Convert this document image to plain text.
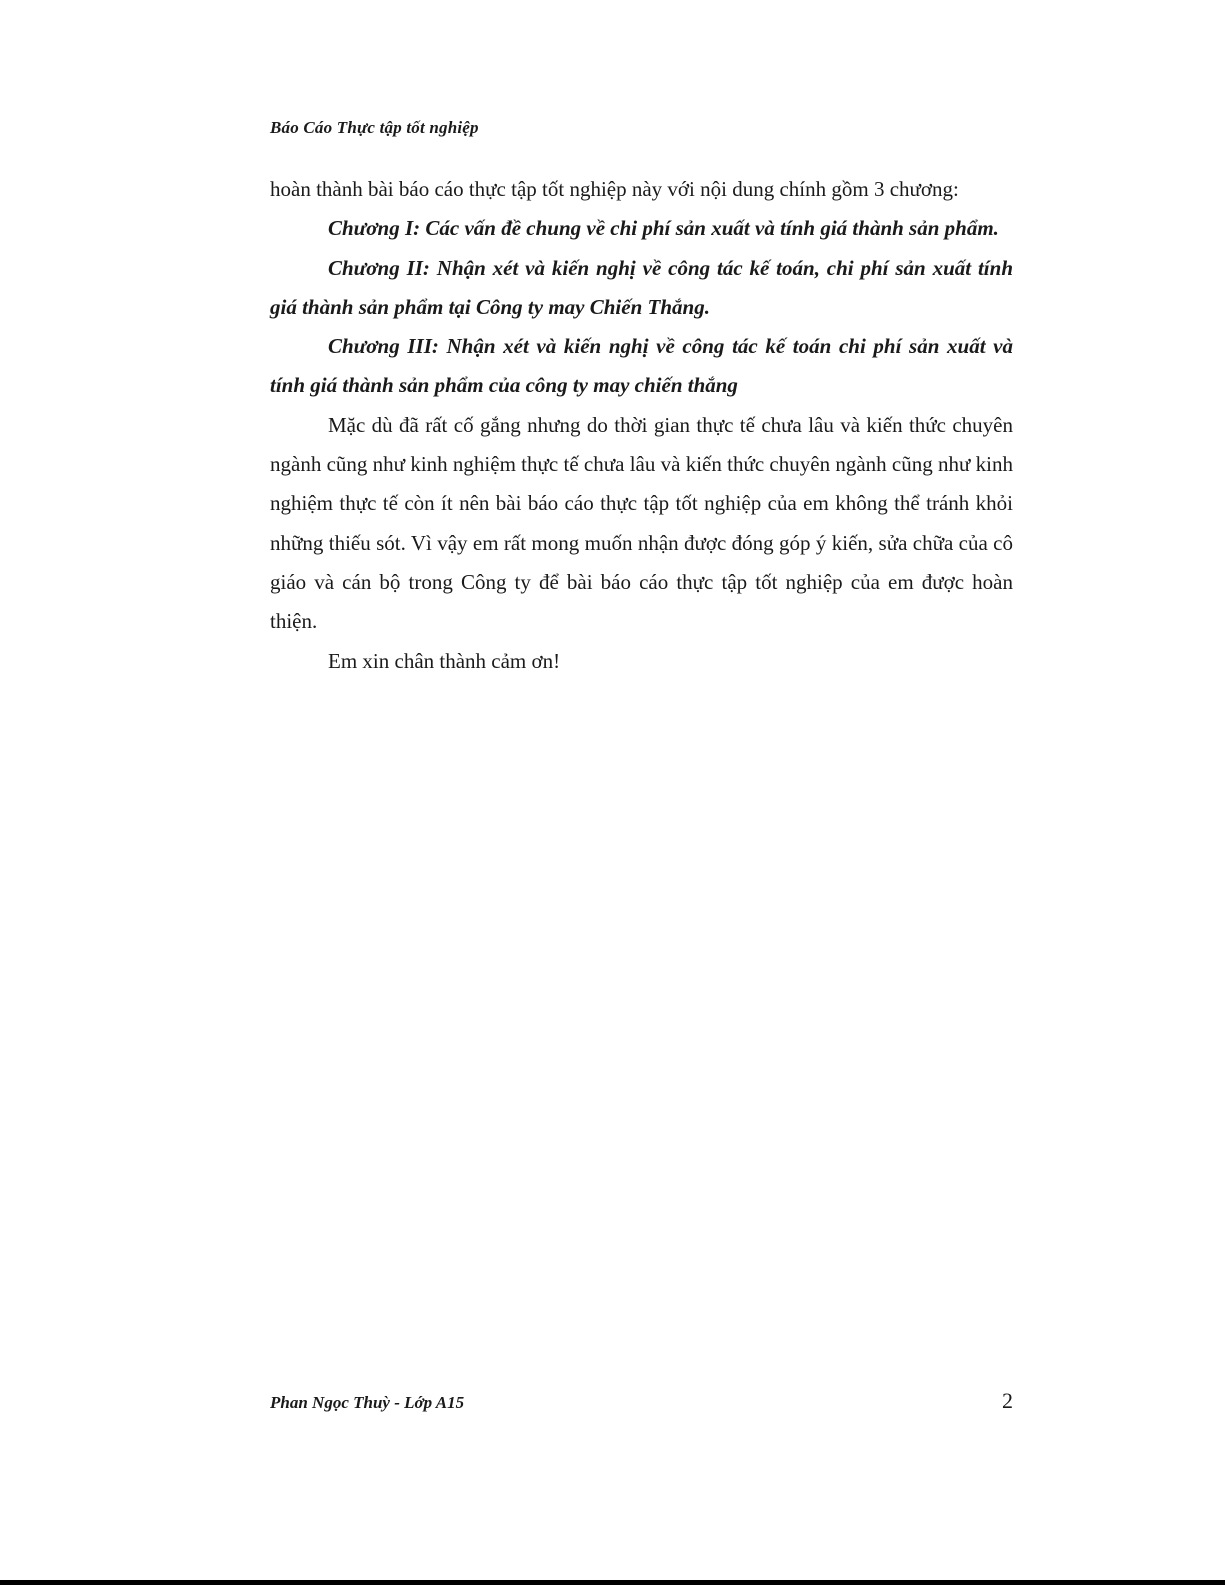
Báo Cáo Thực tập tốt nghiệp

hoàn thành bài báo cáo thực tập tốt nghiệp này với nội dung chính gồm 3 chương:

Chương I: Các vấn đề chung về chi phí sản xuất và tính giá thành sản phẩm.

Chương II: Nhận xét và kiến nghị về công tác kế toán, chi phí sản xuất tính giá thành sản phẩm tại Công ty may Chiến Thắng.

Chương III: Nhận xét và kiến nghị về công tác kế toán chi phí sản xuất và tính giá thành sản phẩm của công ty may chiến thắng

Mặc dù đã rất cố gắng nhưng do thời gian thực tế chưa lâu và kiến thức chuyên ngành cũng như kinh nghiệm thực tế chưa lâu và kiến thức chuyên ngành cũng như kinh nghiệm thực tế còn ít nên bài báo cáo thực tập tốt nghiệp của em không thể tránh khỏi những thiếu sót. Vì vậy em rất mong muốn nhận được đóng góp ý kiến, sửa chữa của cô giáo và cán bộ trong Công ty để bài báo cáo thực tập tốt nghiệp của em được hoàn thiện.

Em xin chân thành cảm ơn!

Phan Ngọc Thuỳ - Lớp A15	2
